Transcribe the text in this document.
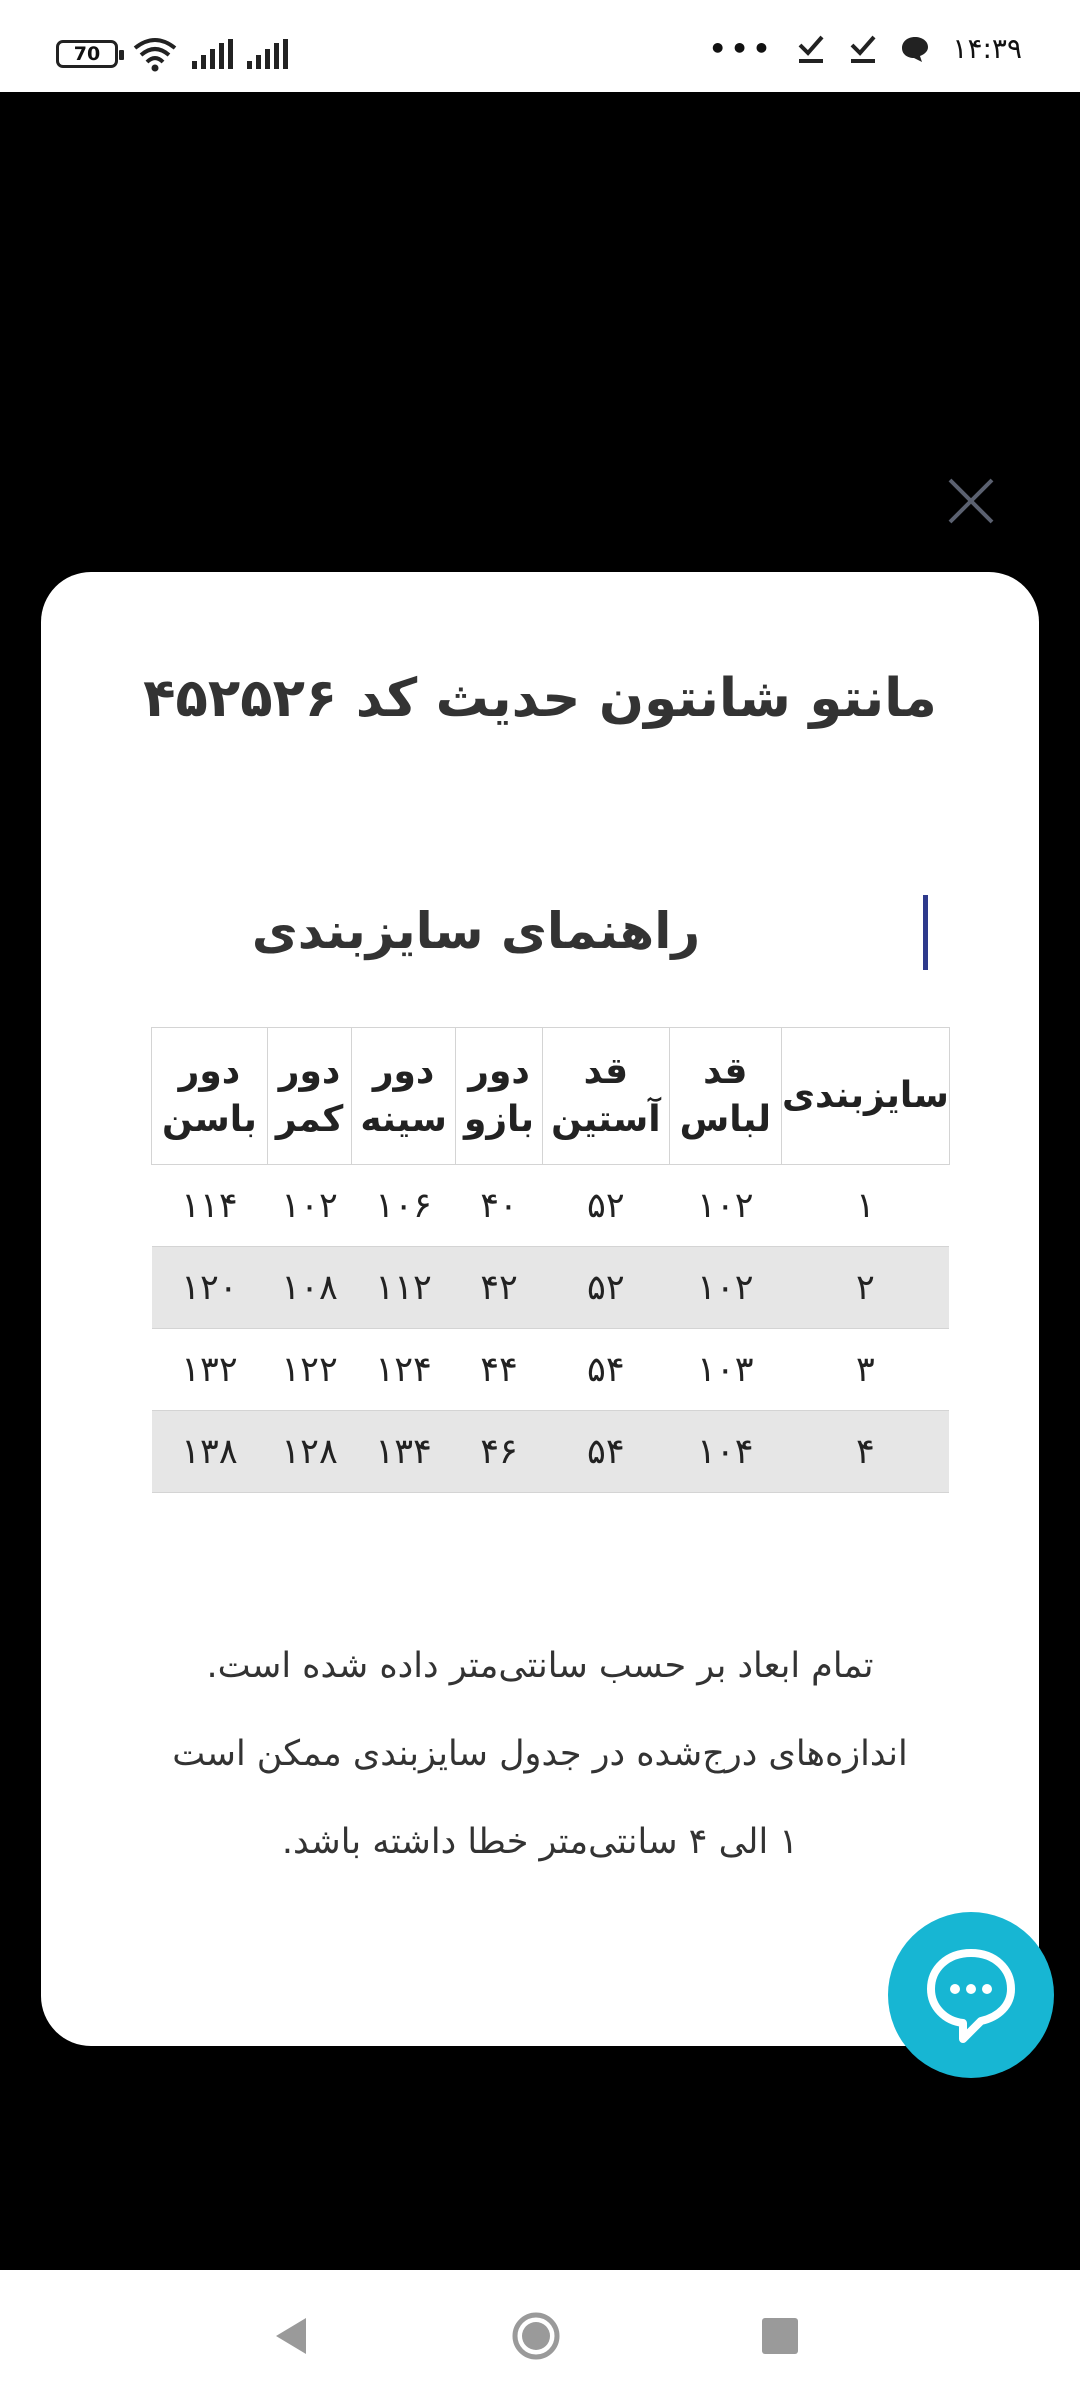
70	•••	۱۴:۳۹
مانتو شانتون حدیث کد ۴۵۲۵۲۶
راهنمای سایزبندی
سایزبندی	قد لباس	قد آستین	دور بازو	دور سینه	دور کمر	دور باسن
۱	۱۰۲	۵۲	۴۰	۱۰۶	۱۰۲	۱۱۴
۲	۱۰۲	۵۲	۴۲	۱۱۲	۱۰۸	۱۲۰
۳	۱۰۳	۵۴	۴۴	۱۲۴	۱۲۲	۱۳۲
۴	۱۰۴	۵۴	۴۶	۱۳۴	۱۲۸	۱۳۸
تمام ابعاد بر حسب سانتی‌متر داده شده است.
اندازه‌های درج‌شده در جدول سایزبندی ممکن است
۱ الی ۴ سانتی‌متر خطا داشته باشد.
